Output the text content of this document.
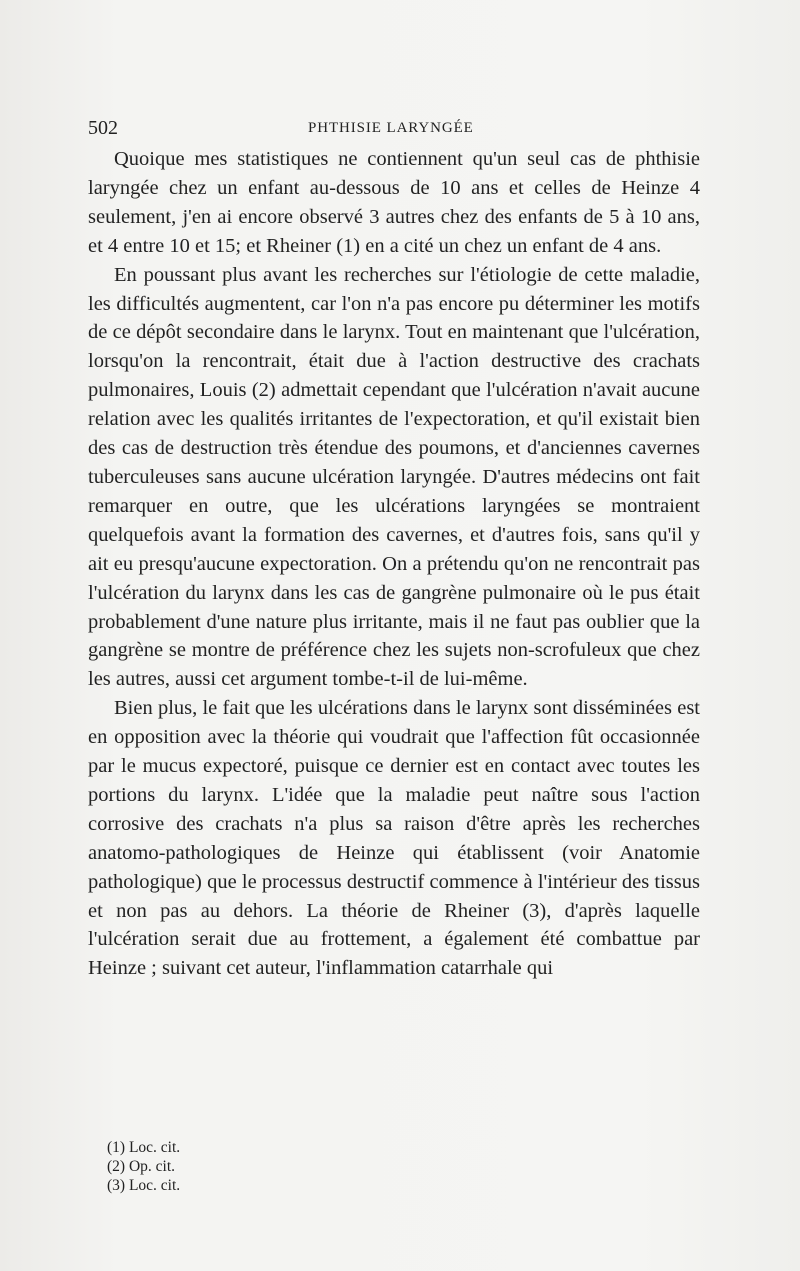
502	PHTHISIE LARYNGÉE

Quoique mes statistiques ne contiennent qu'un seul cas de phthisie laryngée chez un enfant au-dessous de 10 ans et celles de Heinze 4 seulement, j'en ai encore observé 3 autres chez des enfants de 5 à 10 ans, et 4 entre 10 et 15; et Rheiner (1) en a cité un chez un enfant de 4 ans.

En poussant plus avant les recherches sur l'étiologie de cette maladie, les difficultés augmentent, car l'on n'a pas encore pu déterminer les motifs de ce dépôt secondaire dans le larynx. Tout en maintenant que l'ulcération, lorsqu'on la rencontrait, était due à l'action destructive des crachats pulmonaires, Louis (2) admettait cependant que l'ulcération n'avait aucune relation avec les qualités irritantes de l'expectoration, et qu'il existait bien des cas de destruction très étendue des poumons, et d'anciennes cavernes tuberculeuses sans aucune ulcération laryngée. D'autres médecins ont fait remarquer en outre, que les ulcérations laryngées se montraient quelquefois avant la formation des cavernes, et d'autres fois, sans qu'il y ait eu presqu'aucune expectoration. On a prétendu qu'on ne rencontrait pas l'ulcération du larynx dans les cas de gangrène pulmonaire où le pus était probablement d'une nature plus irritante, mais il ne faut pas oublier que la gangrène se montre de préférence chez les sujets non-scrofuleux que chez les autres, aussi cet argument tombe-t-il de lui-même.

Bien plus, le fait que les ulcérations dans le larynx sont disséminées est en opposition avec la théorie qui voudrait que l'affection fût occasionnée par le mucus expectoré, puisque ce dernier est en contact avec toutes les portions du larynx. L'idée que la maladie peut naître sous l'action corrosive des crachats n'a plus sa raison d'être après les recherches anatomo-pathologiques de Heinze qui établissent (voir Anatomie pathologique) que le processus destructif commence à l'intérieur des tissus et non pas au dehors. La théorie de Rheiner (3), d'après laquelle l'ulcération serait due au frottement, a également été combattue par Heinze ; suivant cet auteur, l'inflammation catarrhale qui

(1) Loc. cit.
(2) Op. cit.
(3) Loc. cit.
